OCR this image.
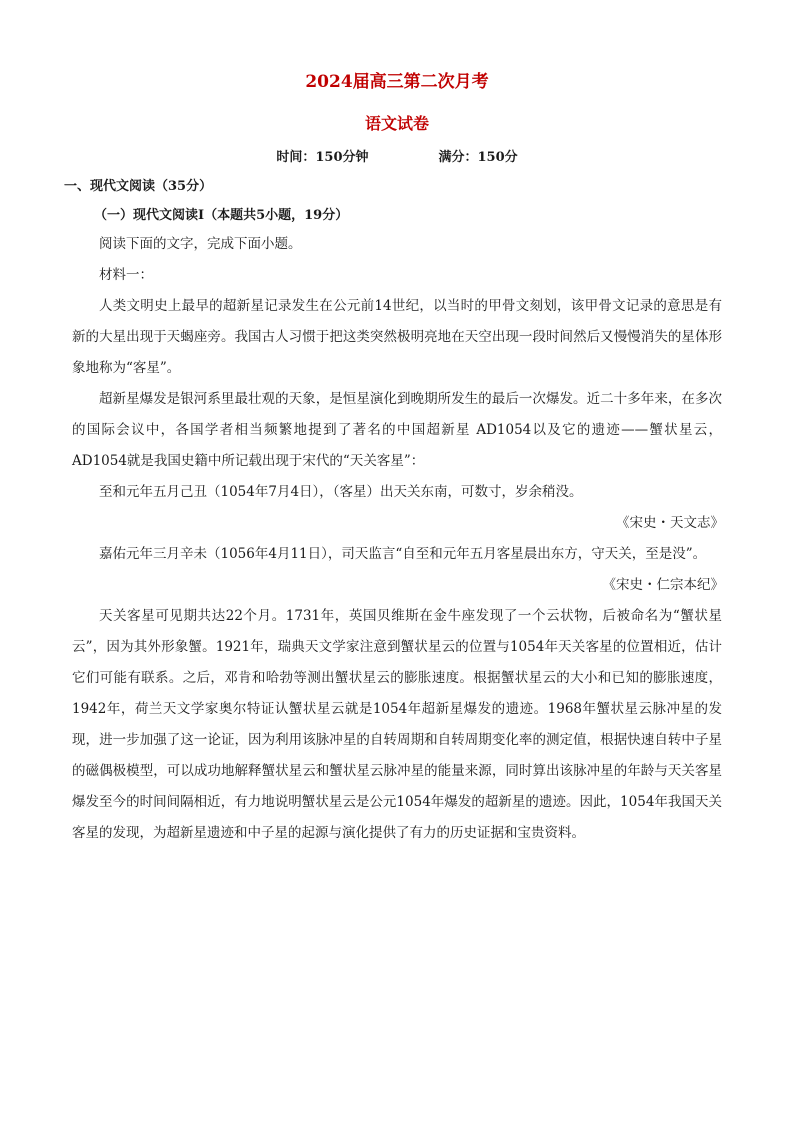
2024届高三第二次月考
语文试卷
时间：150分钟	满分：150分
一、现代文阅读（35分）
（一）现代文阅读Ⅰ（本题共5小题，19分）

阅读下面的文字，完成下面小题。

材料一：

人类文明史上最早的超新星记录发生在公元前14世纪，以当时的甲骨文刻划，该甲骨文记录的意思是有新的大星出现于天蝎座旁。我国古人习惯于把这类突然极明亮地在天空出现一段时间然后又慢慢消失的星体形象地称为“客星”。

超新星爆发是银河系里最壮观的天象，是恒星演化到晚期所发生的最后一次爆发。近二十多年来，在多次的国际会议中，各国学者相当频繁地提到了著名的中国超新星 AD1054以及它的遗迹——蟹状星云，AD1054就是我国史籍中所记载出现于宋代的“天关客星”：

至和元年五月己丑（1054年7月4日），（客星）出天关东南，可数寸，岁余稍没。

《宋史・天文志》

嘉佑元年三月辛未（1056年4月11日），司天监言“自至和元年五月客星晨出东方，守天关，至是没”。

《宋史・仁宗本纪》

天关客星可见期共达22个月。1731年，英国贝维斯在金牛座发现了一个云状物，后被命名为“蟹状星云”，因为其外形象蟹。1921年，瑞典天文学家注意到蟹状星云的位置与1054年天关客星的位置相近，估计它们可能有联系。之后，邓肯和哈勃等测出蟹状星云的膨胀速度。根据蟹状星云的大小和已知的膨胀速度，1942年，荷兰天文学家奥尔特证认蟹状星云就是1054年超新星爆发的遗迹。1968年蟹状星云脉冲星的发现，进一步加强了这一论证，因为利用该脉冲星的自转周期和自转周期变化率的测定值，根据快速自转中子星的磁偶极模型，可以成功地解释蟹状星云和蟹状星云脉冲星的能量来源，同时算出该脉冲星的年龄与天关客星爆发至今的时间间隔相近，有力地说明蟹状星云是公元1054年爆发的超新星的遗迹。因此，1054年我国天关客星的发现，为超新星遗迹和中子星的起源与演化提供了有力的历史证据和宝贵资料。
